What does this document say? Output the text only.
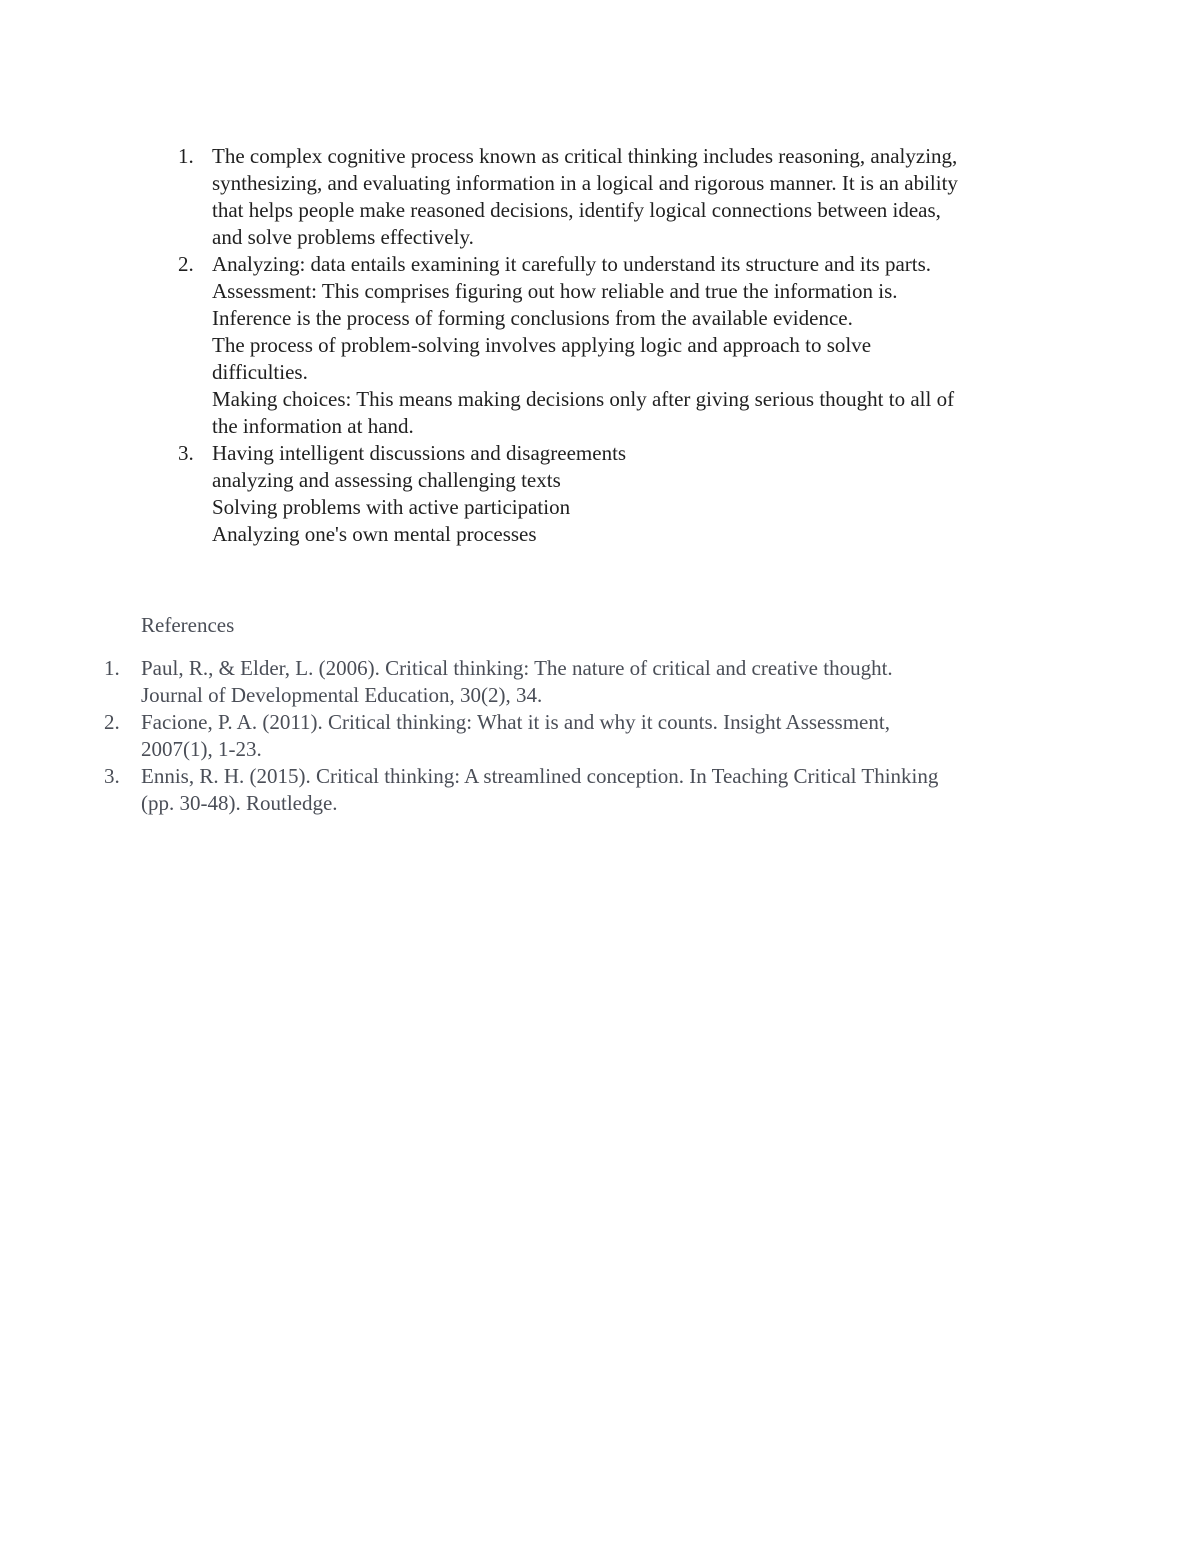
1. The complex cognitive process known as critical thinking includes reasoning, analyzing,
synthesizing, and evaluating information in a logical and rigorous manner. It is an ability
that helps people make reasoned decisions, identify logical connections between ideas,
and solve problems effectively.
2. Analyzing: data entails examining it carefully to understand its structure and its parts.
Assessment: This comprises figuring out how reliable and true the information is.
Inference is the process of forming conclusions from the available evidence.
The process of problem-solving involves applying logic and approach to solve
difficulties.
Making choices: This means making decisions only after giving serious thought to all of
the information at hand.
3. Having intelligent discussions and disagreements
analyzing and assessing challenging texts
Solving problems with active participation
Analyzing one's own mental processes
References
1.	Paul, R., & Elder, L. (2006). Critical thinking: The nature of critical and creative thought.
Journal of Developmental Education, 30(2), 34.
2.	Facione, P. A. (2011). Critical thinking: What it is and why it counts. Insight Assessment,
2007(1), 1-23.
3.	Ennis, R. H. (2015). Critical thinking: A streamlined conception. In Teaching Critical Thinking
(pp. 30-48). Routledge.
